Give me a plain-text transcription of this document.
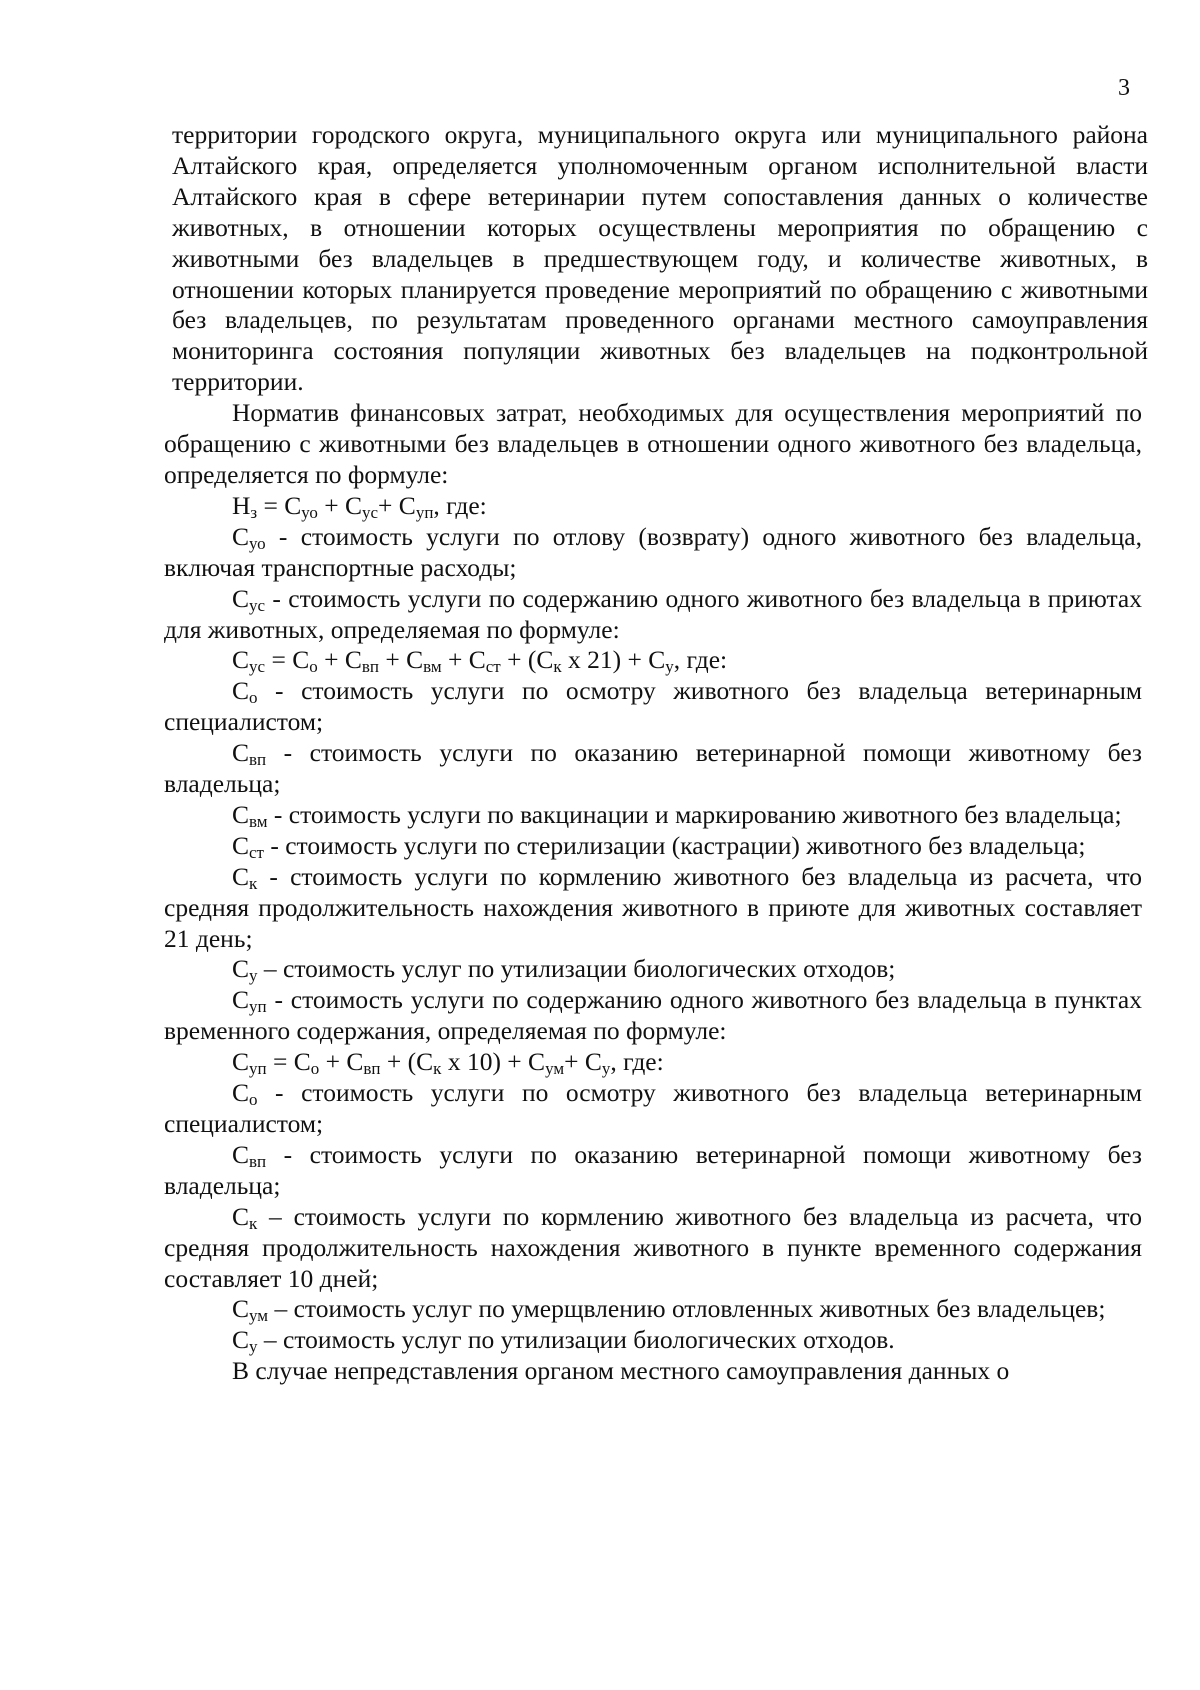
3

территории городского округа, муниципального округа или муниципального района Алтайского края, определяется уполномоченным органом исполнительной власти Алтайского края в сфере ветеринарии путем сопоставления данных о количестве животных, в отношении которых осуществлены мероприятия по обращению с животными без владельцев в предшествующем году, и количестве животных, в отношении которых планируется проведение мероприятий по обращению с животными без владельцев, по результатам проведенного органами местного самоуправления мониторинга состояния популяции животных без владельцев на подконтрольной территории.

Норматив финансовых затрат, необходимых для осуществления мероприятий по обращению с животными без владельцев в отношении одного животного без владельца, определяется по формуле:

$Н_з = С_{уо} + С_{ус}+ С_{уп}$, где:

$С_{уо}$ - стоимость услуги по отлову (возврату) одного животного без владельца, включая транспортные расходы;

$С_{ус}$ - стоимость услуги по содержанию одного животного без владельца в приютах для животных, определяемая по формуле:

$С_{ус} = С_о + С_{вп} + С_{вм} + С_{ст} + (С_к$ х $21) + С_у$, где:

$С_о$ - стоимость услуги по осмотру животного без владельца ветеринарным специалистом;

$С_{вп}$ - стоимость услуги по оказанию ветеринарной помощи животному без владельца;

$С_{вм}$ - стоимость услуги по вакцинации и маркированию животного без владельца;

$С_{ст}$ - стоимость услуги по стерилизации (кастрации) животного без владельца;

$С_к$ - стоимость услуги по кормлению животного без владельца из расчета, что средняя продолжительность нахождения животного в приюте для животных составляет 21 день;

$С_у$ – стоимость услуг по утилизации биологических отходов;

$С_{уп}$ - стоимость услуги по содержанию одного животного без владельца в пунктах временного содержания, определяемая по формуле:

$С_{уп} = С_о + С_{вп} + (С_к$ х $10) + С_{ум}+ С_у$, где:

$С_о$ - стоимость услуги по осмотру животного без владельца ветеринарным специалистом;

$С_{вп}$ - стоимость услуги по оказанию ветеринарной помощи животному без владельца;

$С_к$ – стоимость услуги по кормлению животного без владельца из расчета, что средняя продолжительность нахождения животного в пункте временного содержания составляет 10 дней;

$С_{ум}$ – стоимость услуг по умерщвлению отловленных животных без владельцев;

$С_у$ – стоимость услуг по утилизации биологических отходов.

В случае непредставления органом местного самоуправления данных о
